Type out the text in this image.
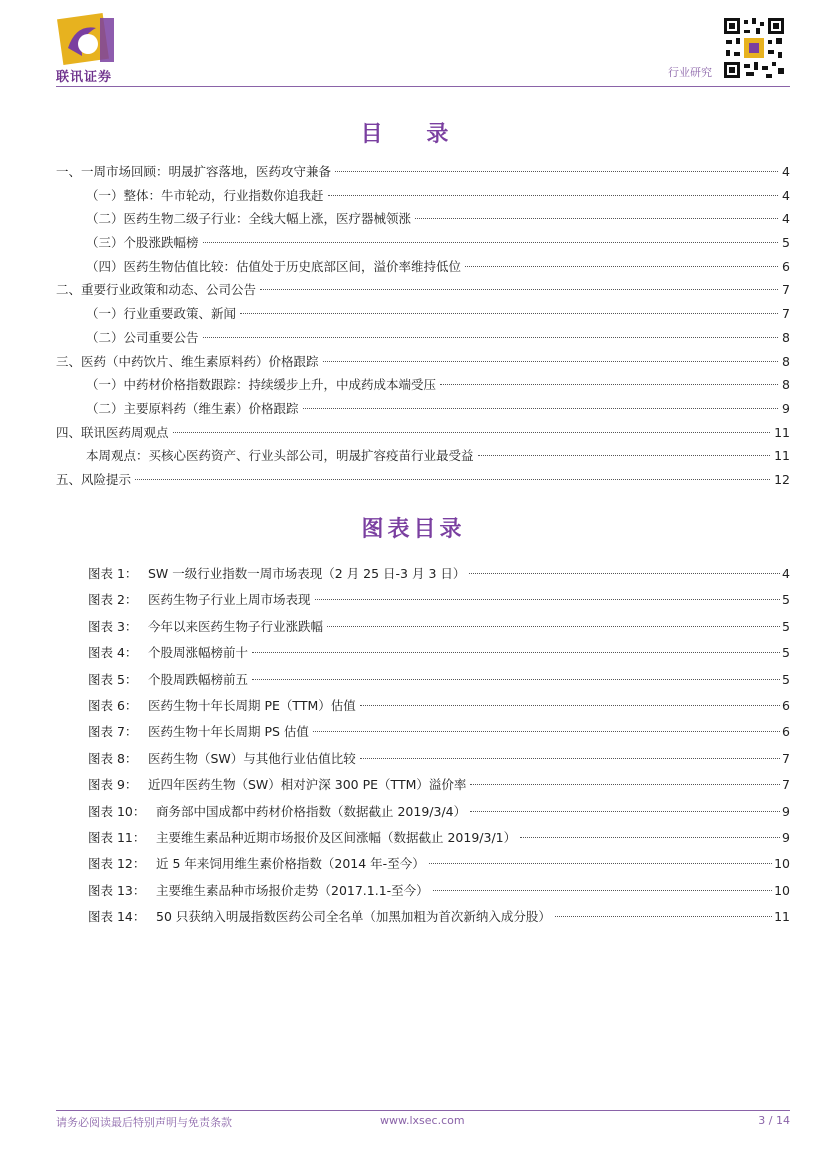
联讯证券	行业研究
目 录
一、一周市场回顾：明晟扩容落地，医药攻守兼备	4
（一）整体：牛市轮动，行业指数你追我赶	4
（二）医药生物二级子行业：全线大幅上涨，医疗器械领涨	4
（三）个股涨跌幅榜	5
（四）医药生物估值比较：估值处于历史底部区间，溢价率维持低位	6
二、重要行业政策和动态、公司公告	7
（一）行业重要政策、新闻	7
（二）公司重要公告	8
三、医药（中药饮片、维生素原料药）价格跟踪	8
（一）中药材价格指数跟踪：持续缓步上升，中成药成本端受压	8
（二）主要原料药（维生素）价格跟踪	9
四、联讯医药周观点	11
本周观点：买核心医药资产、行业头部公司，明晟扩容疫苗行业最受益	11
五、风险提示	12
图表目录
图表 1： SW 一级行业指数一周市场表现（2 月 25 日-3 月 3 日）	4
图表 2： 医药生物子行业上周市场表现	5
图表 3： 今年以来医药生物子行业涨跌幅	5
图表 4： 个股周涨幅榜前十	5
图表 5： 个股周跌幅榜前五	5
图表 6： 医药生物十年长周期 PE（TTM）估值	6
图表 7： 医药生物十年长周期 PS 估值	6
图表 8： 医药生物（SW）与其他行业估值比较	7
图表 9： 近四年医药生物（SW）相对沪深 300 PE（TTM）溢价率	7
图表 10： 商务部中国成都中药材价格指数（数据截止 2019/3/4）	9
图表 11： 主要维生素品种近期市场报价及区间涨幅（数据截止 2019/3/1）	9
图表 12： 近 5 年来饲用维生素价格指数（2014 年-至今）	10
图表 13： 主要维生素品种市场报价走势（2017.1.1-至今）	10
图表 14： 50 只获纳入明晟指数医药公司全名单（加黑加粗为首次新纳入成分股）	11
请务必阅读最后特别声明与免责条款	www.lxsec.com	3 / 14
